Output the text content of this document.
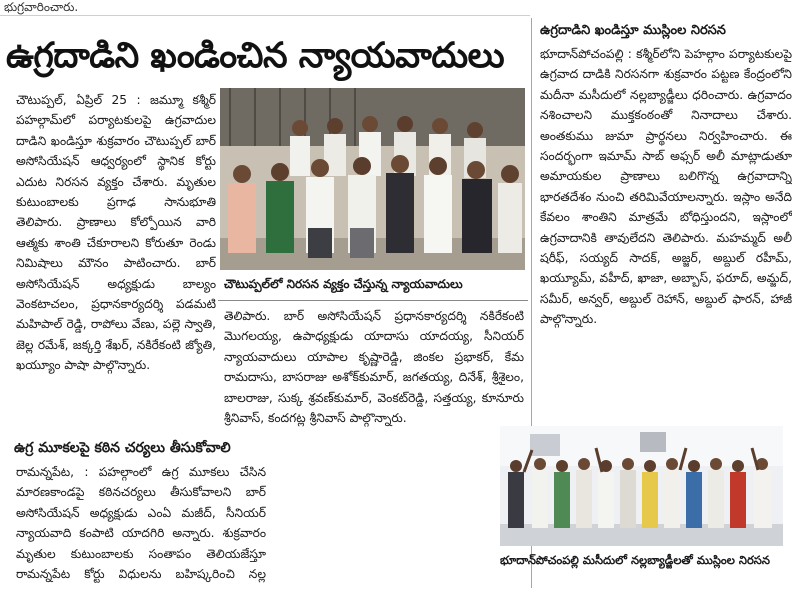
భుగ్రవారించారు.
ఉగ్రదాడిని ఖండించిన న్యాయవాదులు

చౌటుప్పల్, ఏప్రిల్ 25 : జమ్మూ కశ్మీర్ పహల్గామ్‌లో పర్యాటకులపై ఉగ్రవాదుల దాడిని ఖండిస్తూ శుక్రవారం చౌటుప్పల్ బార్ అసోసియేషన్ ఆధ్వర్యంలో స్థానిక కోర్టు ఎదుట నిరసన వ్యక్తం చేశారు. మృతుల కుటుంబాలకు ప్రగాఢ సానుభూతి తెలిపారు. ప్రాణాలు కోల్పోయిన వారి ఆత్మకు శాంతి చేకూరాలని కోరుతూ రెండు నిమిషాలు మౌనం పాటించారు. బార్ అసోసియేషన్ అధ్యక్షుడు బాల్యం వెంకటాచలం, ప్రధానకార్యదర్శి పడమటి మహిపాల్ రెడ్డి, రాపోలు వేణు, పల్లె స్వాతి, జెల్ల రమేశ్, జక్కర్తి శేఖర్, నకిరేకంటి జ్యోతి, ఖయ్యూం పాషా పాల్గొన్నారు.

చౌటుప్పల్‌లో నిరసన వ్యక్తం చేస్తున్న న్యాయవాదులు
ఉగ్ర మూకలపై కఠిన చర్యలు తీసుకోవాలి

రామన్నపేట, : పహల్గాంలో ఉగ్ర మూకలు చేసిన మారణకాండపై కఠినచర్యలు తీసుకోవాలని బార్ అసోసియేషన్ అధ్యక్షుడు ఎంఏ మజీద్, సీనియర్ న్యాయవాది కంపాటి యాదగిరి అన్నారు. శుక్రవారం మృతుల కుటుంబాలకు సంతాపం తెలియజేస్తూ రామన్నపేట కోర్టు విధులను బహిష్కరించి నల్ల

తెలిపారు. బార్ అసోసియేషన్ ప్రధానకార్యదర్శి నకిరేకంటి మొగలయ్య, ఉపాధ్యక్షుడు యాదాసు యాదయ్య, సీనియర్ న్యాయవాదులు యాపాల కృష్ణారెడ్డి, జింకల ప్రభాకర్, కేమ రామదాసు, బాసరాజు అశోక్‌కుమార్, జగతయ్య, దినేశ్, శ్రీశైలం, బాలరాజు, సుక్క శ్రవణ్‌కుమార్, వెంకట్‌రెడ్డి, సత్తయ్య, కూనూరు శ్రీనివాస్, కందగట్ల శ్రీనివాస్ పాల్గొన్నారు.

ఉగ్రదాడిని ఖండిస్తూ ముస్లింల నిరసన

భూదాన్‌పోచంపల్లి : కశ్మీర్‌లోని పెహల్గాం పర్యాటకులపై ఉగ్రవాద దాడికి నిరసనగా శుక్రవారం పట్టణ కేంద్రంలోని మదీనా మసీదులో నల్లబ్యాడ్జీలు ధరించారు. ఉగ్రవాదం నశించాలని ముక్తకంఠంతో నినాదాలు చేశారు. అంతకుము జుమా ప్రార్థనలు నిర్వహించారు. ఈ సందర్భంగా ఇమామ్ సాబ్ అఫ్సర్ అలీ మాట్లాడుతూ అమాయకుల ప్రాణాలు బలిగొన్న ఉగ్రవాదాన్ని భారతదేశం నుంచి తరిమివేయాలన్నారు. ఇస్లాం అనేది కేవలం శాంతిని మాత్రమే బోధిస్తుందని, ఇస్లాంలో ఉగ్రవాదానికి తావులేదని తెలిపారు. మహమ్మద్ అలీ షరీఫ్, సయ్యద్ సాదక్, అజ్జర్, అబ్దుల్ రహీమ్, ఖయ్యూమ్, వహీద్, ఖాజా, అబ్బాస్, ఫరూద్, అమ్జద్, సమీర్, అన్వర్, అబ్దుల్ రెహాన్, అబ్దుల్ ఫారన్, హాజీ పాల్గొన్నారు.

భూదాన్‌పోచంపల్లి మసీదులో నల్లబ్యాడ్జీలతో ముస్లింల నిరసన
